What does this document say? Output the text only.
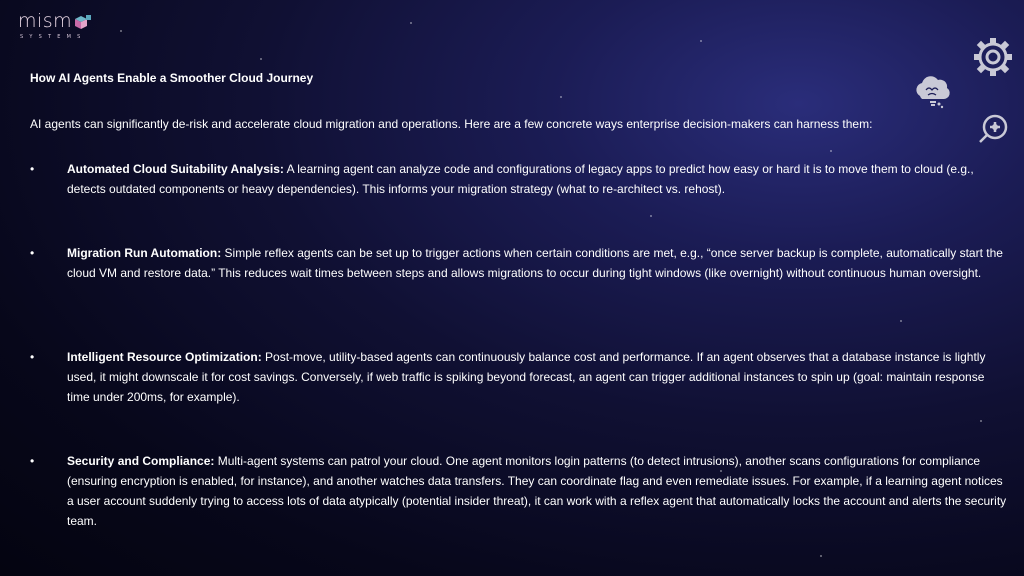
mism
SYSTEMS
How AI Agents Enable a Smoother Cloud Journey
AI agents can significantly de-risk and accelerate cloud migration and operations. Here are a few concrete ways enterprise decision-makers can harness them:
•	Automated Cloud Suitability Analysis: A learning agent can analyze code and configurations of legacy apps to predict how easy or hard it is to move them to cloud (e.g., detects outdated components or heavy dependencies). This informs your migration strategy (what to re-architect vs. rehost).
•	Migration Run Automation: Simple reflex agents can be set up to trigger actions when certain conditions are met, e.g., “once server backup is complete, automatically start the cloud VM and restore data.” This reduces wait times between steps and allows migrations to occur during tight windows (like overnight) without continuous human oversight.
•	Intelligent Resource Optimization: Post-move, utility-based agents can continuously balance cost and performance. If an agent observes that a database instance is lightly used, it might downscale it for cost savings. Conversely, if web traffic is spiking beyond forecast, an agent can trigger additional instances to spin up (goal: maintain response time under 200ms, for example).
•	Security and Compliance: Multi-agent systems can patrol your cloud. One agent monitors login patterns (to detect intrusions), another scans configurations for compliance (ensuring encryption is enabled, for instance), and another watches data transfers. They can coordinate flag and even remediate issues. For example, if a learning agent notices a user account suddenly trying to access lots of data atypically (potential insider threat), it can work with a reflex agent that automatically locks the account and alerts the security team.
